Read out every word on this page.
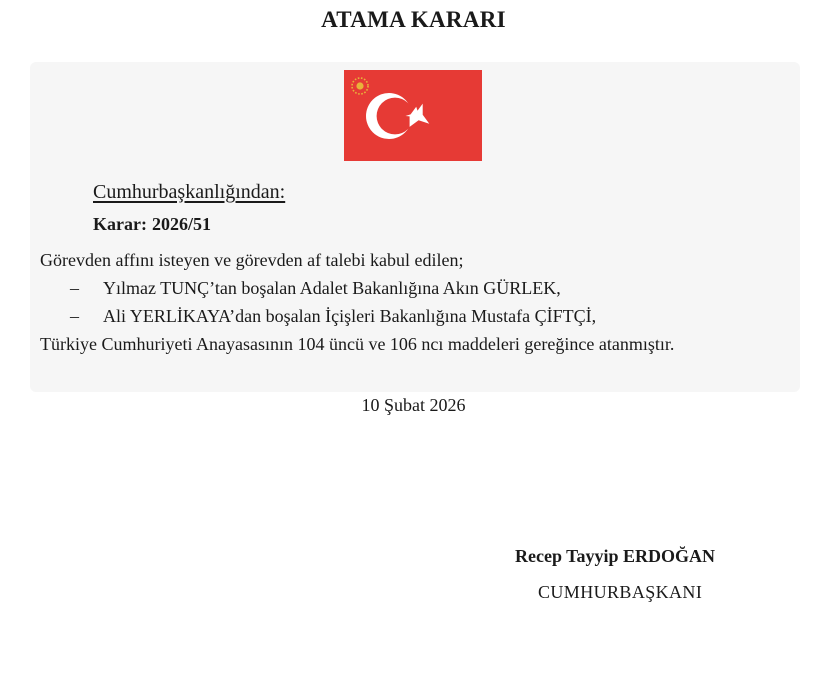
ATAMA KARARI
Cumhurbaşkanlığından:
Karar: 2026/51
Görevden affını isteyen ve görevden af talebi kabul edilen;
– Yılmaz TUNÇ’tan boşalan Adalet Bakanlığına Akın GÜRLEK,
– Ali YERLİKAYA’dan boşalan İçişleri Bakanlığına Mustafa ÇİFTÇİ,
Türkiye Cumhuriyeti Anayasasının 104 üncü ve 106 ncı maddeleri gereğince atanmıştır.
10 Şubat 2026
Recep Tayyip ERDOĞAN
CUMHURBAŞKANI
